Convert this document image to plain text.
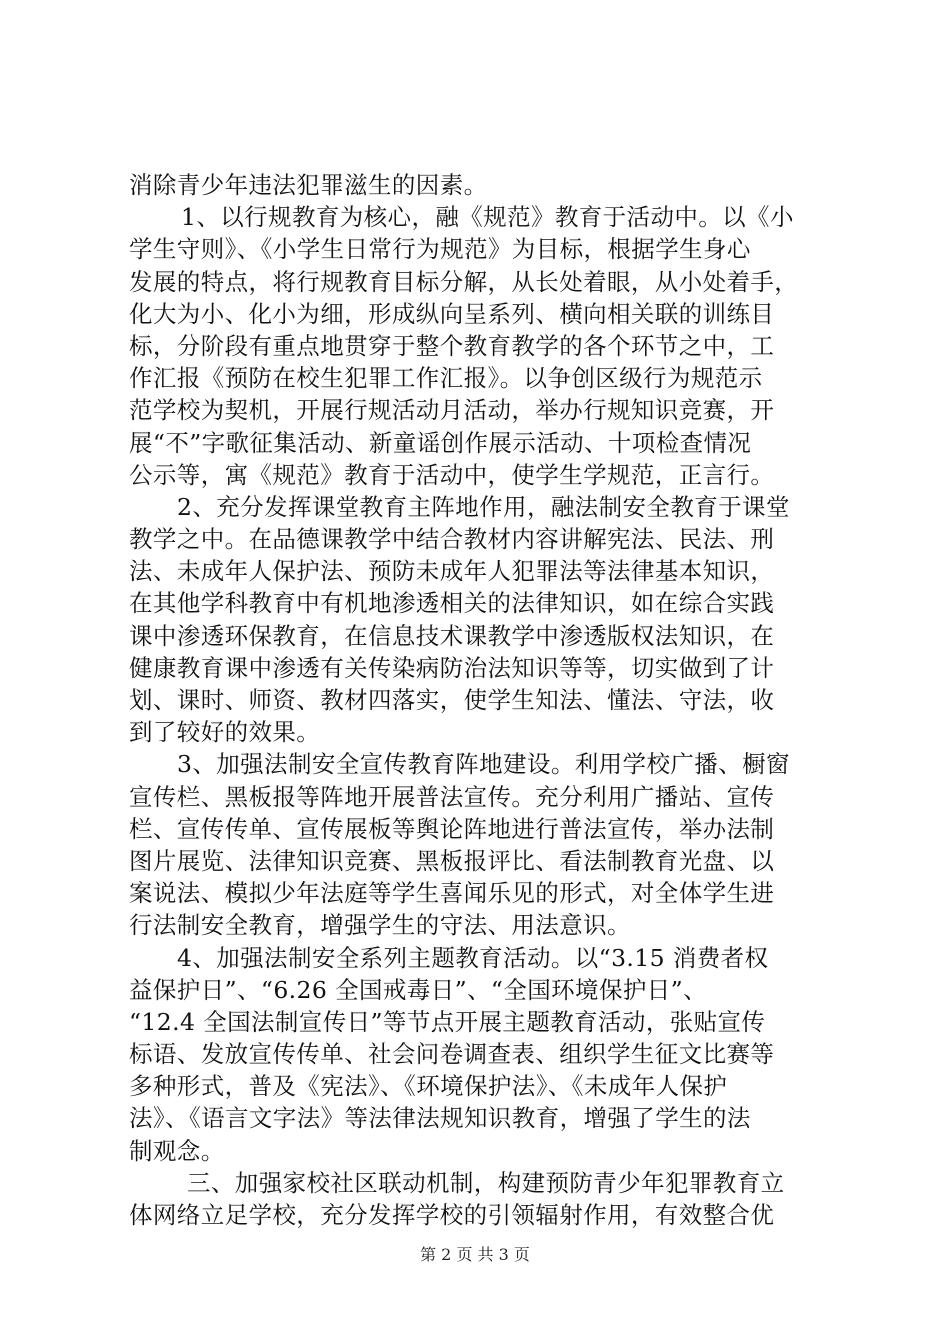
消除青少年违法犯罪滋生的因素。
1、以行规教育为核心，融《规范》教育于活动中。以《小
学生守则》、《小学生日常行为规范》为目标，根据学生身心
发展的特点，将行规教育目标分解，从长处着眼，从小处着手，
化大为小、化小为细，形成纵向呈系列、横向相关联的训练目
标，分阶段有重点地贯穿于整个教育教学的各个环节之中，工
作汇报《预防在校生犯罪工作汇报》。以争创区级行为规范示
范学校为契机，开展行规活动月活动，举办行规知识竞赛，开
展“不”字歌征集活动、新童谣创作展示活动、十项检查情况
公示等，寓《规范》教育于活动中，使学生学规范，正言行。
2、充分发挥课堂教育主阵地作用，融法制安全教育于课堂
教学之中。在品德课教学中结合教材内容讲解宪法、民法、刑
法、未成年人保护法、预防未成年人犯罪法等法律基本知识，
在其他学科教育中有机地渗透相关的法律知识，如在综合实践
课中渗透环保教育，在信息技术课教学中渗透版权法知识，在
健康教育课中渗透有关传染病防治法知识等等，切实做到了计
划、课时、师资、教材四落实，使学生知法、懂法、守法，收
到了较好的效果。
3、加强法制安全宣传教育阵地建设。利用学校广播、橱窗
宣传栏、黑板报等阵地开展普法宣传。充分利用广播站、宣传
栏、宣传传单、宣传展板等舆论阵地进行普法宣传，举办法制
图片展览、法律知识竞赛、黑板报评比、看法制教育光盘、以
案说法、模拟少年法庭等学生喜闻乐见的形式，对全体学生进
行法制安全教育，增强学生的守法、用法意识。
4、加强法制安全系列主题教育活动。以“3.15 消费者权
益保护日”、“6.26 全国戒毒日”、“全国环境保护日”、
“12.4 全国法制宣传日”等节点开展主题教育活动，张贴宣传
标语、发放宣传传单、社会问卷调查表、组织学生征文比赛等
多种形式，普及《宪法》、《环境保护法》、《未成年人保护
法》、《语言文字法》等法律法规知识教育，增强了学生的法
制观念。
三、加强家校社区联动机制，构建预防青少年犯罪教育立
体网络立足学校，充分发挥学校的引领辐射作用，有效整合优
第 2 页 共 3 页
